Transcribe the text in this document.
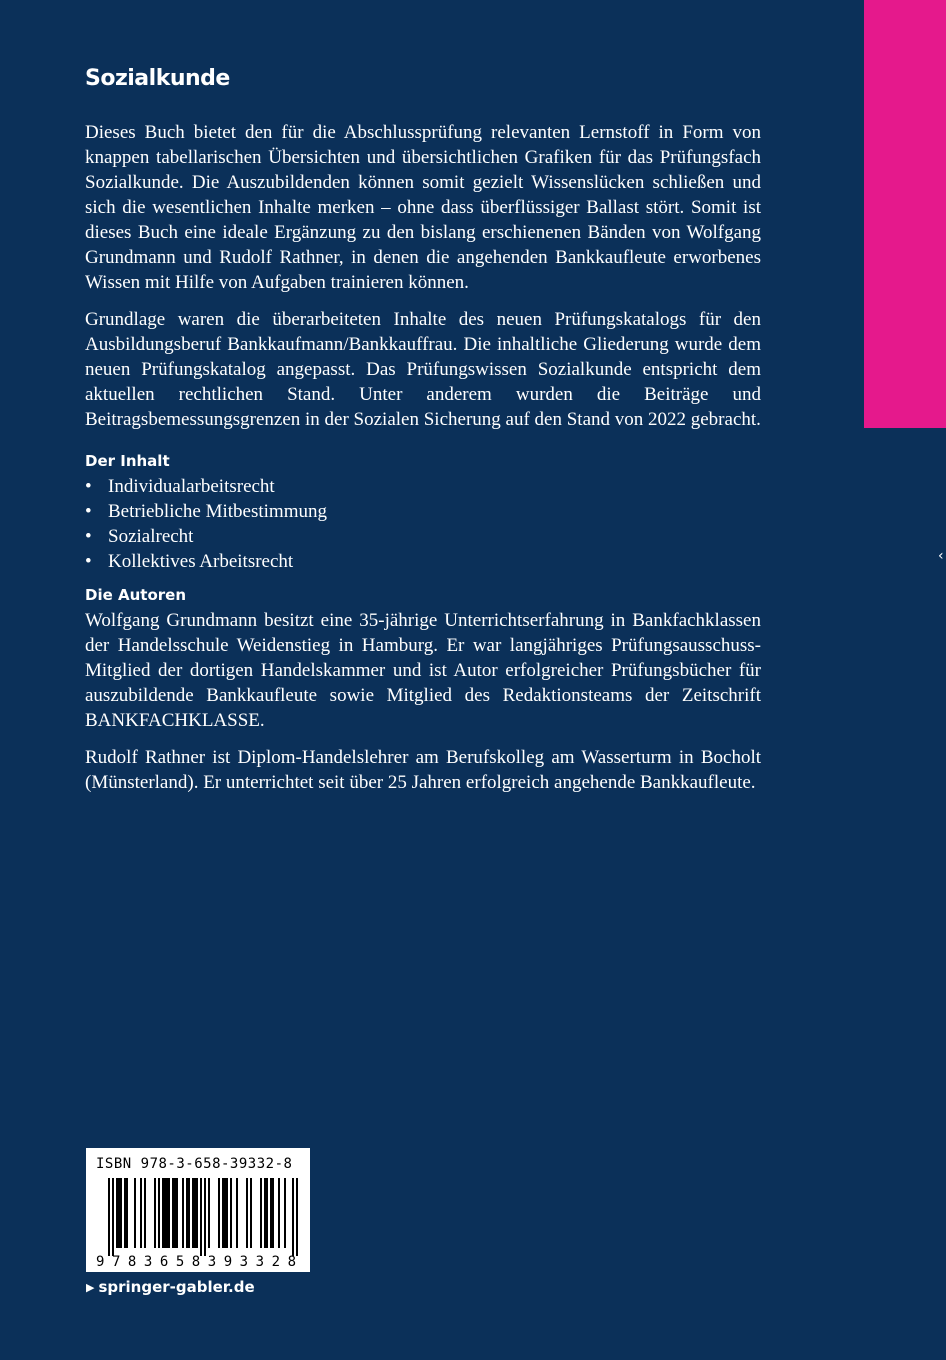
‹
Sozialkunde

Dieses Buch bietet den für die Abschlussprüfung relevanten Lernstoff in Form von knappen tabellarischen Übersichten und übersichtlichen Grafiken für das Prüfungsfach Sozialkunde. Die Auszubildenden können somit gezielt Wissenslücken schließen und sich die wesentlichen Inhalte merken – ohne dass überflüssiger Ballast stört. Somit ist dieses Buch eine ideale Ergänzung zu den bislang erschienenen Bänden von Wolfgang Grundmann und Rudolf Rathner, in denen die angehenden Bankkaufleute erworbenes Wissen mit Hilfe von Aufgaben trainieren können.

Grundlage waren die überarbeiteten Inhalte des neuen Prüfungskatalogs für den Ausbildungsberuf Bankkaufmann/Bankkauffrau. Die inhaltliche Gliederung wurde dem neuen Prüfungskatalog angepasst. Das Prüfungswissen Sozialkunde entspricht dem aktuellen rechtlichen Stand. Unter anderem wurden die Beiträge und Beitragsbemessungsgrenzen in der Sozialen Sicherung auf den Stand von 2022 gebracht.

Der Inhalt
• Individualarbeitsrecht
• Betriebliche Mitbestimmung
• Sozialrecht
• Kollektives Arbeitsrecht
Die Autoren

Wolfgang Grundmann besitzt eine 35-jährige Unterrichtserfahrung in Bankfachklassen der Handelsschule Weidenstieg in Hamburg. Er war langjähriges Prüfungsausschuss-Mitglied der dortigen Handelskammer und ist Autor erfolgreicher Prüfungsbücher für auszubildende Bankkaufleute sowie Mitglied des Redaktionsteams der Zeitschrift BANKFACHKLASSE.

Rudolf Rathner ist Diplom-Handelslehrer am Berufskolleg am Wasserturm in Bocholt (Münsterland). Er unterrichtet seit über 25 Jahren erfolgreich angehende Bankkaufleute.

ISBN 978-3-658-39332-8
9783658393328
▶ springer-gabler.de
